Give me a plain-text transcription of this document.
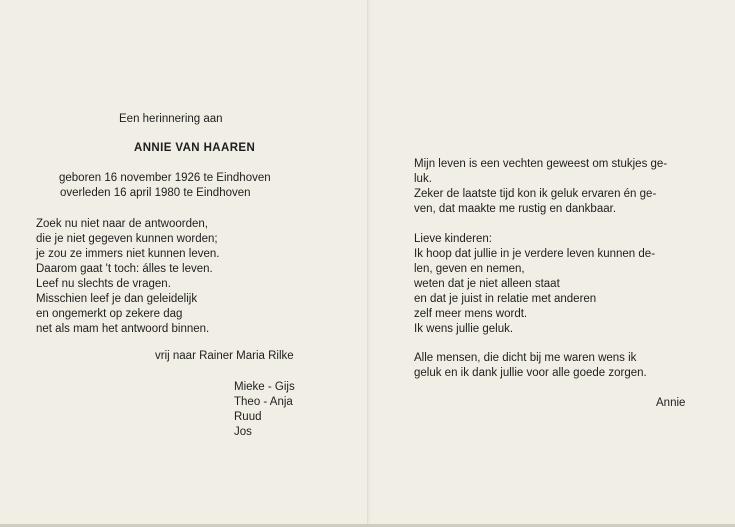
Een herinnering aan
ANNIE VAN HAAREN
geboren 16 november 1926 te Eindhoven
overleden 16 april 1980 te Eindhoven
Zoek nu niet naar de antwoorden,
die je niet gegeven kunnen worden;
je zou ze immers niet kunnen leven.
Daarom gaat 't toch: álles te leven.
Leef nu slechts de vragen.
Misschien leef je dan geleidelijk
en ongemerkt op zekere dag
net als mam het antwoord binnen.
vrij naar Rainer Maria Rilke
Mieke - Gijs
Theo - Anja
Ruud
Jos
Mijn leven is een vechten geweest om stukjes ge-
luk.
Zeker de laatste tijd kon ik geluk ervaren én ge-
ven, dat maakte me rustig en dankbaar.
Lieve kinderen:
Ik hoop dat jullie in je verdere leven kunnen de-
len, geven en nemen,
weten dat je niet alleen staat
en dat je juist in relatie met anderen
zelf meer mens wordt.
Ik wens jullie geluk.
Alle mensen, die dicht bij me waren wens ik
geluk en ik dank jullie voor alle goede zorgen.
Annie
